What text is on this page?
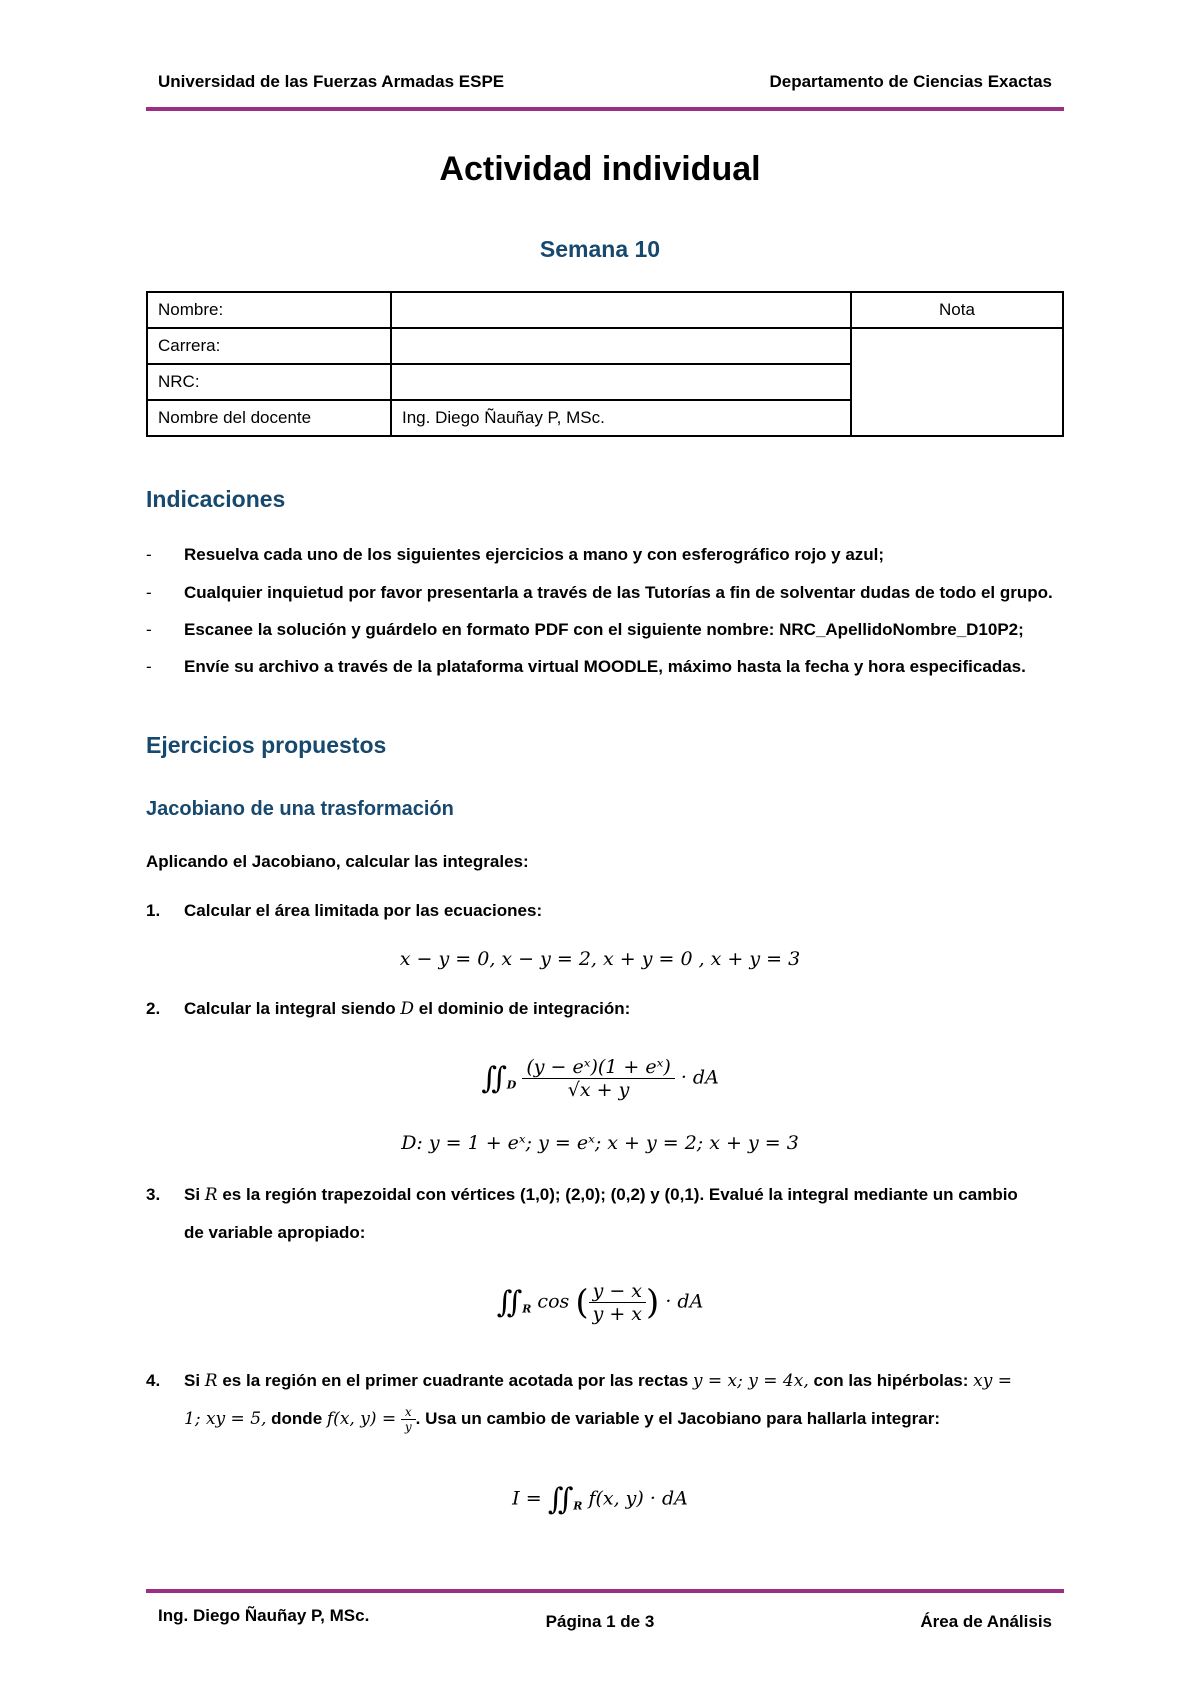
Universidad de las Fuerzas Armadas ESPE	Departamento de Ciencias Exactas
Actividad individual
Semana 10
Nombre:		Nota
Carrera:		
NRC:		
Nombre del docente	Ing. Diego Ñauñay P, MSc.	
Indicaciones
- Resuelva cada uno de los siguientes ejercicios a mano y con esferográfico rojo y azul;
- Cualquier inquietud por favor presentarla a través de las Tutorías a fin de solventar dudas de todo el grupo.
- Escanee la solución y guárdelo en formato PDF con el siguiente nombre: NRC_ApellidoNombre_D10P2;
- Envíe su archivo a través de la plataforma virtual MOODLE, máximo hasta la fecha y hora especificadas.
Ejercicios propuestos
Jacobiano de una trasformación
Aplicando el Jacobiano, calcular las integrales:
1. Calcular el área limitada por las ecuaciones:
x − y = 0, x − y = 2, x + y = 0 , x + y = 3
2. Calcular la integral siendo D el dominio de integración:
$∬_D \frac{\text{(y − eˣ)(1 + eˣ)}}{√x + y}$ · dA
D: y = 1 + eˣ; y = eˣ; x + y = 2; x + y = 3
3. Si R es la región trapezoidal con vértices (1,0); (2,0); (0,2) y (0,1). Evalué la integral mediante un cambio
de variable apropiado:
$∬_R$ cos ( $\frac{y - x}{y + x}$ ) · dA
4. Si R es la región en el primer cuadrante acotada por las rectas y = x; y = 4x, con las hipérbolas: xy =
1; xy = 5, donde f(x, $y) = \frac{x}{y}$ . Usa un cambio de variable y el Jacobiano para hallarla integrar:
$I = ∬_R$ f(x, y) · dA
Ing. Diego Ñauñay P, MSc.	Página 1 de 3	Área de Análisis
